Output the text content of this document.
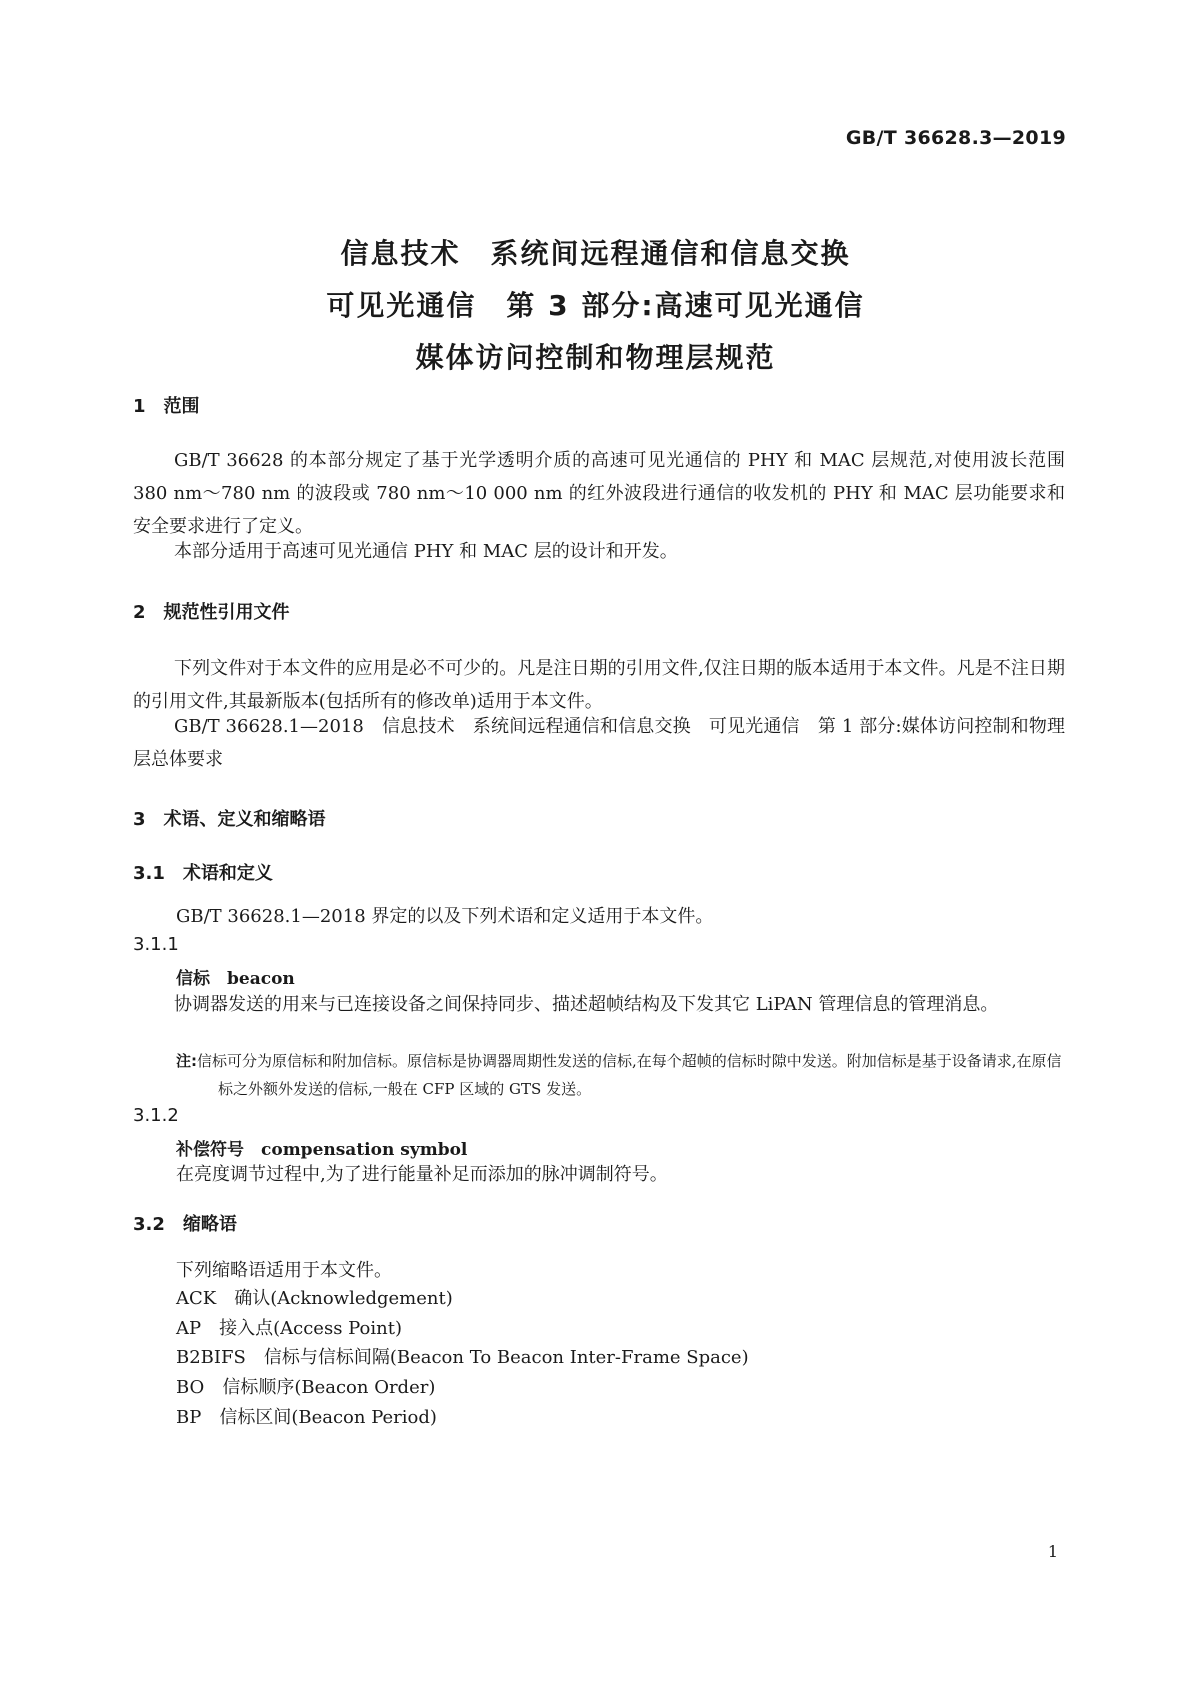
GB/T 36628.3—2019
信息技术　系统间远程通信和信息交换
可见光通信　第 3 部分:高速可见光通信
媒体访问控制和物理层规范
1　范围
GB/T 36628 的本部分规定了基于光学透明介质的高速可见光通信的 PHY 和 MAC 层规范,对使用波长范围 380 nm～780 nm 的波段或 780 nm～10 000 nm 的红外波段进行通信的收发机的 PHY 和 MAC 层功能要求和安全要求进行了定义。
本部分适用于高速可见光通信 PHY 和 MAC 层的设计和开发。
2　规范性引用文件
下列文件对于本文件的应用是必不可少的。凡是注日期的引用文件,仅注日期的版本适用于本文件。凡是不注日期的引用文件,其最新版本(包括所有的修改单)适用于本文件。
GB/T 36628.1—2018　信息技术　系统间远程通信和信息交换　可见光通信　第 1 部分:媒体访问控制和物理层总体要求
3　术语、定义和缩略语
3.1　术语和定义
GB/T 36628.1—2018 界定的以及下列术语和定义适用于本文件。
3.1.1
信标　 beacon
协调器发送的用来与已连接设备之间保持同步、描述超帧结构及下发其它 LiPAN 管理信息的管理消息。
注:信标可分为原信标和附加信标。原信标是协调器周期性发送的信标,在每个超帧的信标时隙中发送。附加信标是基于设备请求,在原信标之外额外发送的信标,一般在 CFP 区域的 GTS 发送。
3.1.2
补偿符号　 compensation symbol
在亮度调节过程中,为了进行能量补足而添加的脉冲调制符号。
3.2　缩略语
下列缩略语适用于本文件。
ACK　 确认(Acknowledgement)
AP　 接入点(Access Point)
B2BIFS　 信标与信标间隔(Beacon To Beacon Inter-Frame Space)
BO　 信标顺序(Beacon Order)
BP　 信标区间(Beacon Period)
1
